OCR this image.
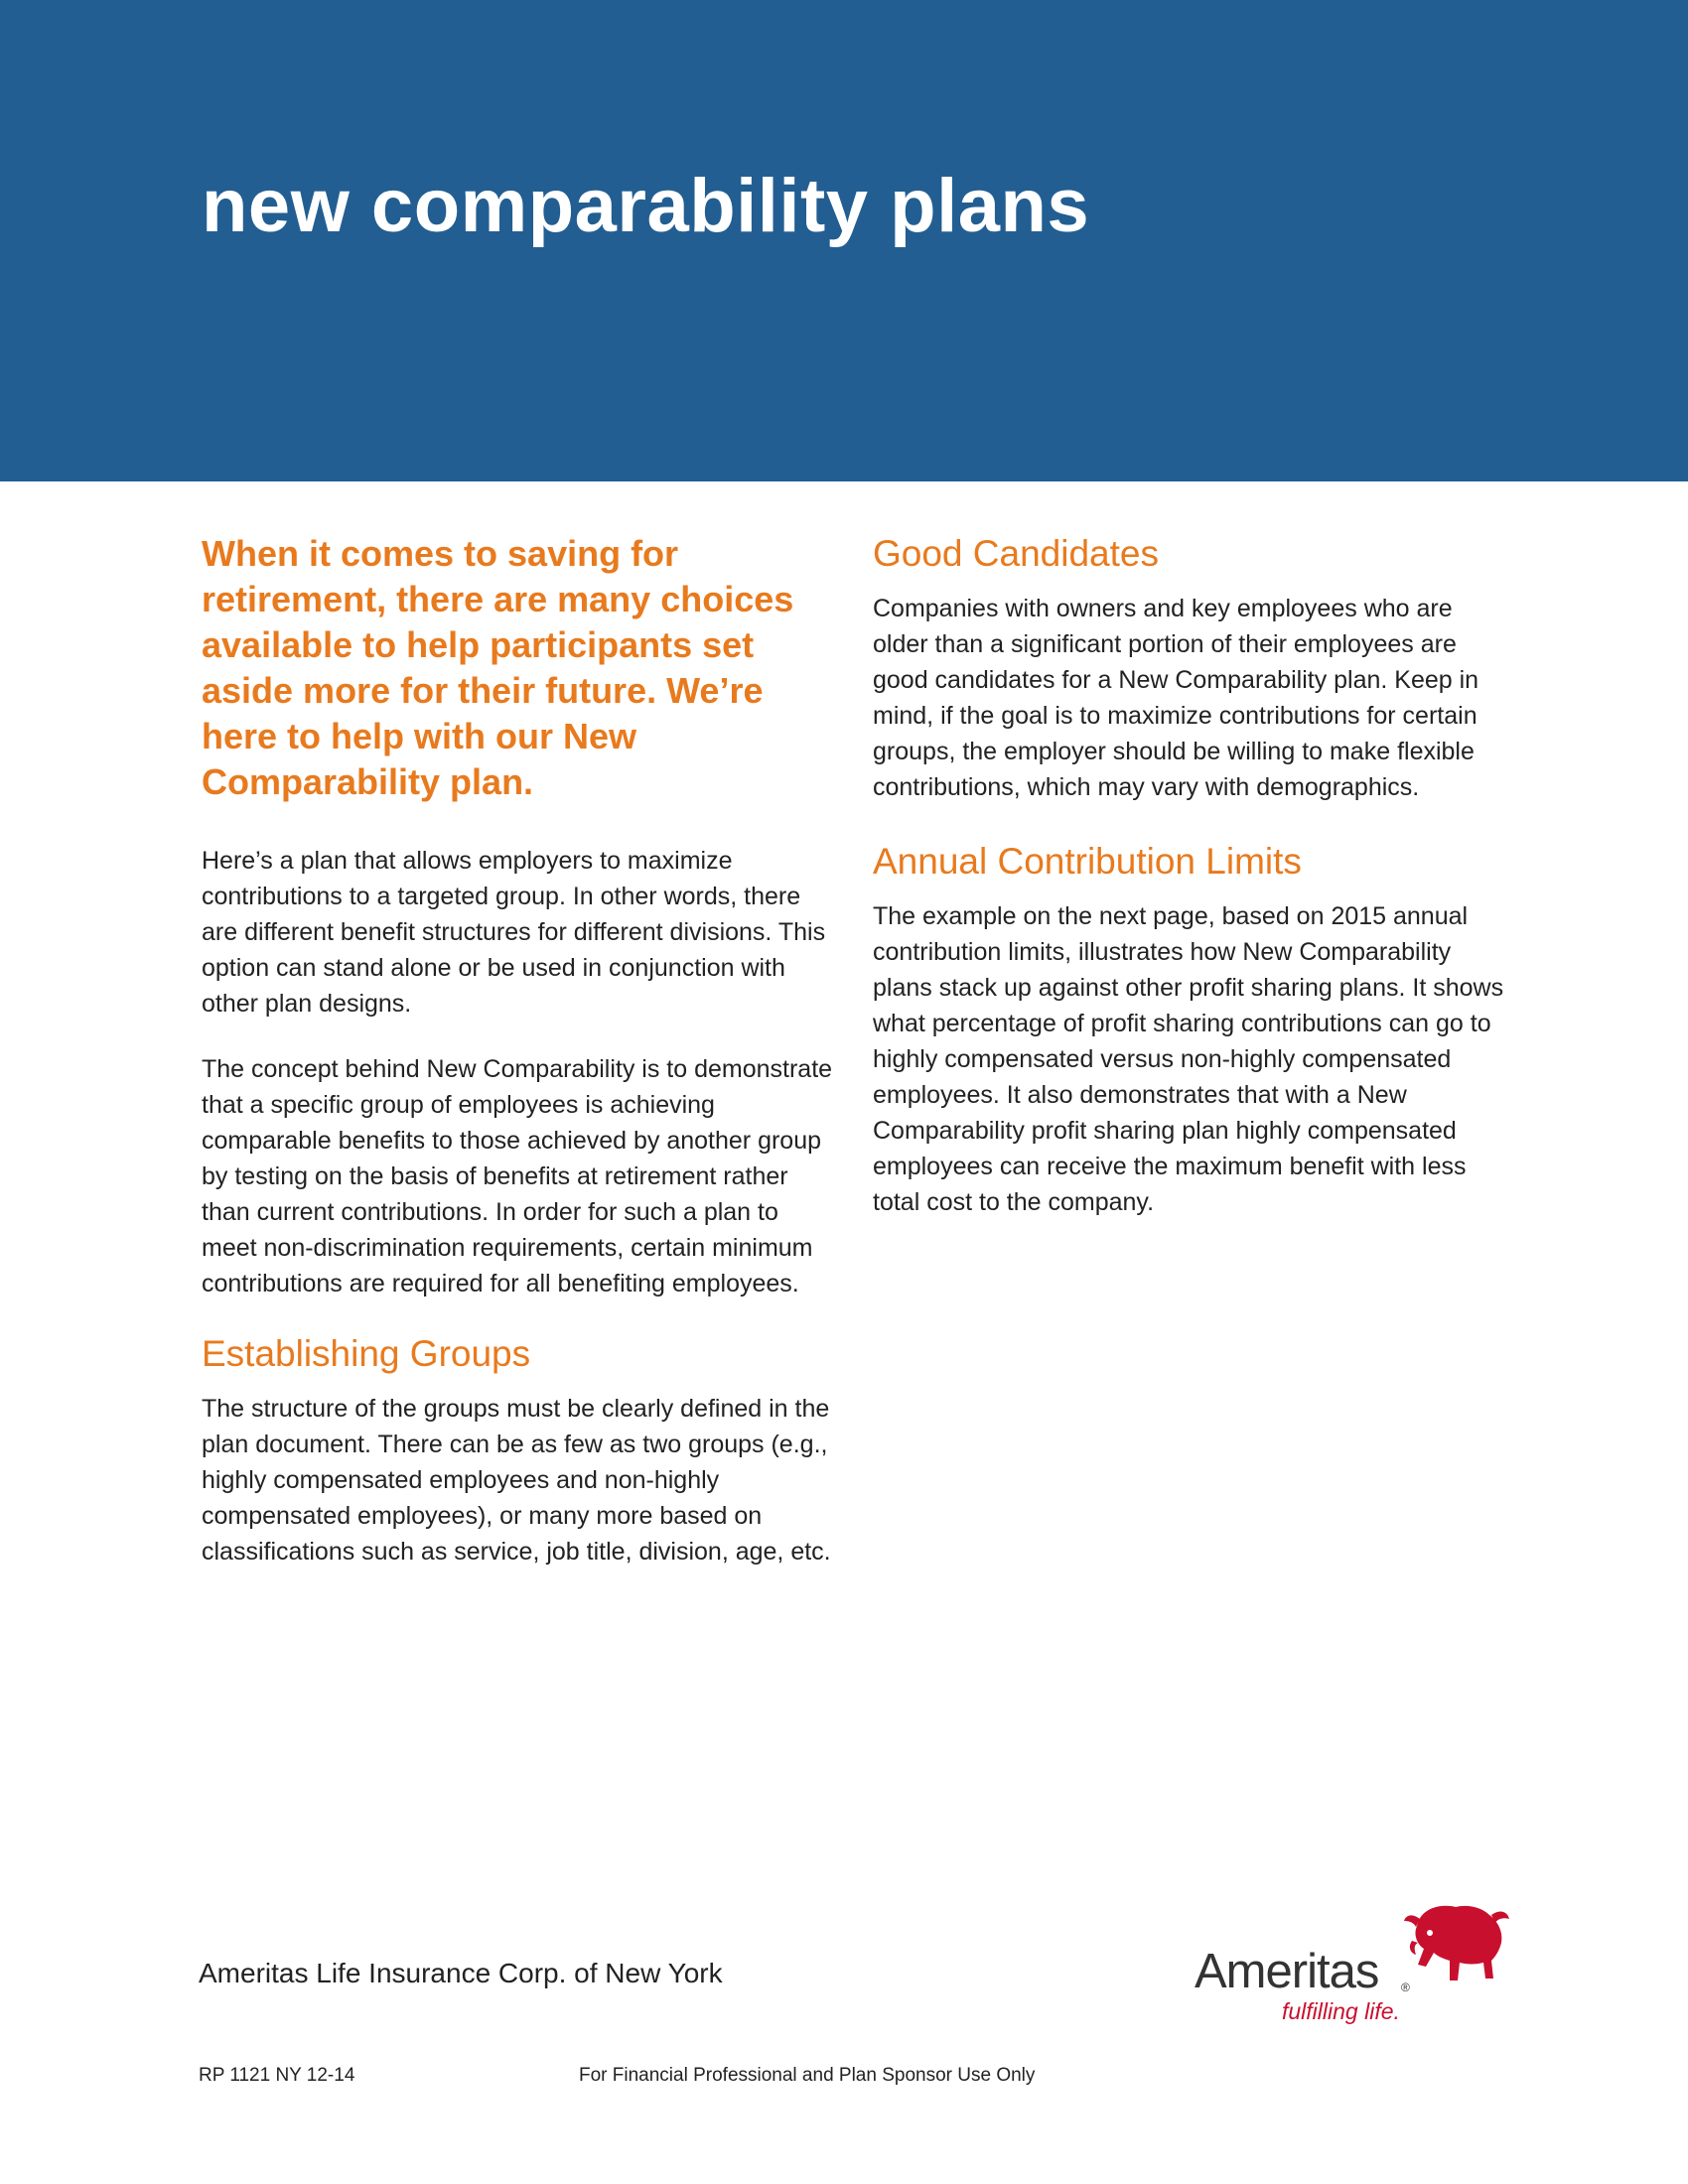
new comparability plans
When it comes to saving for retirement, there are many choices available to help participants set aside more for their future. We’re here to help with our New Comparability plan.

Here’s a plan that allows employers to maximize contributions to a targeted group. In other words, there are different benefit structures for different divisions. This option can stand alone or be used in conjunction with other plan designs.

The concept behind New Comparability is to demonstrate that a specific group of employees is achieving comparable benefits to those achieved by another group by testing on the basis of benefits at retirement rather than current contributions. In order for such a plan to meet non-discrimination requirements, certain minimum contributions are required for all benefiting employees.

Establishing Groups

The structure of the groups must be clearly defined in the plan document. There can be as few as two groups (e.g., highly compensated employees and non-highly compensated employees), or many more based on classifications such as service, job title, division, age, etc.

Good Candidates

Companies with owners and key employees who are older than a significant portion of their employees are good candidates for a New Comparability plan. Keep in mind, if the goal is to maximize contributions for certain groups, the employer should be willing to make flexible contributions, which may vary with demographics.

Annual Contribution Limits

The example on the next page, based on 2015 annual contribution limits, illustrates how New Comparability plans stack up against other profit sharing plans. It shows what percentage of profit sharing contributions can go to highly compensated versus non-highly compensated employees. It also demonstrates that with a New Comparability profit sharing plan highly compensated employees can receive the maximum benefit with less total cost to the company.

Ameritas Life Insurance Corp. of New York
RP 1121 NY 12-14	For Financial Professional and Plan Sponsor Use Only
Ameritas ®
fulfilling life.
